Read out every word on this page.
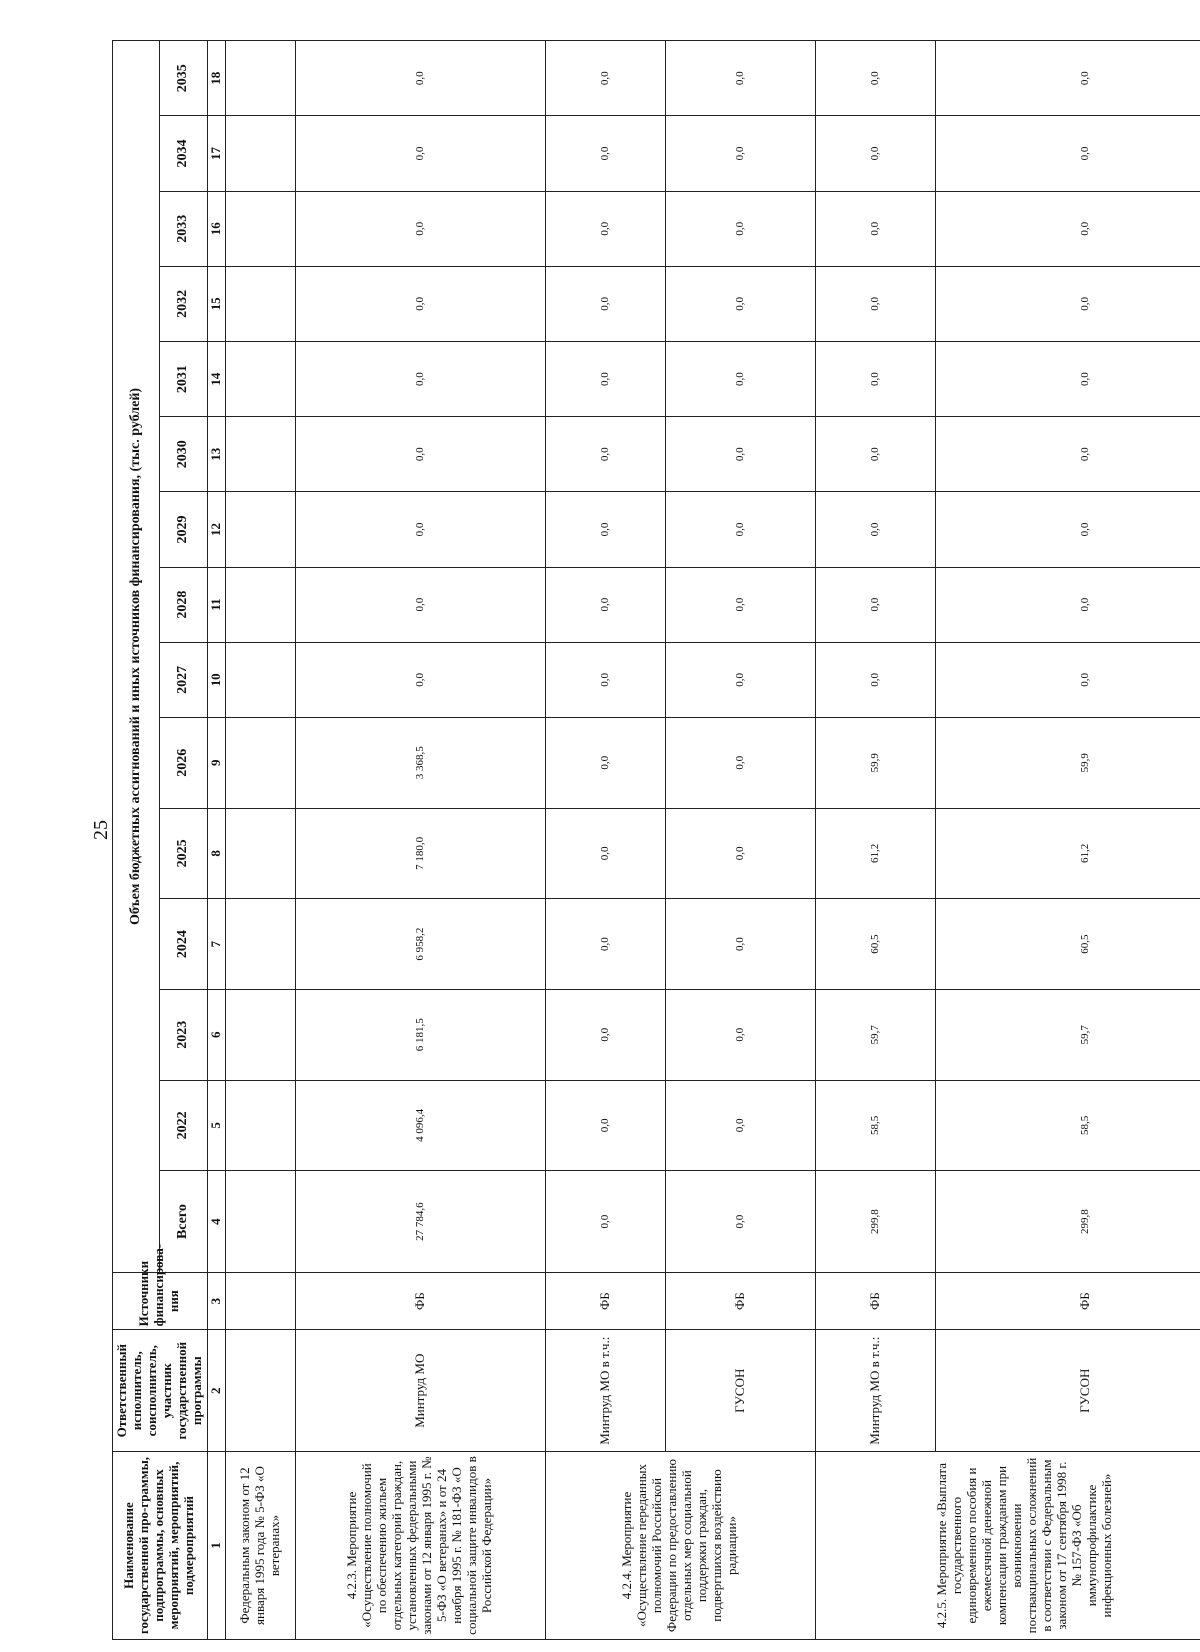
25
Наименование государственной про-граммы, подпрограммы, основных мероприятий, мероприятий, подмероприятий	Ответственный исполнитель, соисполнитель, участник государственной программы	Источники финансирова-ния	Объем бюджетных ассигнований и иных источников финансирования, (тыс. рублей)														
			Всего	2022	2023	2024	2025	2026	2027	2028	2029	2030	2031	2032	2033	2034	2035
1	2	3	4	5	6	7	8	9	10	11	12	13	14	15	16	17	18
Федеральным законом от 12 января 1995 года № 5-ФЗ «О ветеранах»																	
4.2.3. Мероприятие «Осуществление полномочий по обеспечению жильем отдельных категорий граждан, установленных федеральными законами от 12 января 1995 г. № 5-ФЗ «О ветеранах» и от 24 ноября 1995 г. № 181-ФЗ «О социальной защите инвалидов в Российской Федерации»	Минтруд МО	ФБ	27 784,6	4 096,4	6 181,5	6 958,2	7 180,0	3 368,5	0,0	0,0	0,0	0,0	0,0	0,0	0,0	0,0	0,0
4.2.4. Мероприятие «Осуществление переданных полномочий Российской Федерации по предоставлению отдельных мер социальной поддержки граждан, подвергшихся воздействию радиации»	Минтруд МО в т.ч.:	ФБ	0,0	0,0	0,0	0,0	0,0	0,0	0,0	0,0	0,0	0,0	0,0	0,0	0,0	0,0	0,0
	ГУСОН	ФБ	0,0	0,0	0,0	0,0	0,0	0,0	0,0	0,0	0,0	0,0	0,0	0,0	0,0	0,0	0,0
4.2.5. Мероприятие «Выплата государственного единовременного пособия и ежемесячной денежной компенсации гражданам при возникновении поствакцинальных осложнений в соответствии с Федеральным законом от 17 сентября 1998 г. № 157-ФЗ «Об иммунопрофилактике инфекционных болезней»	Минтруд МО в т.ч.:	ФБ	299,8	58,5	59,7	60,5	61,2	59,9	0,0	0,0	0,0	0,0	0,0	0,0	0,0	0,0	0,0
	ГУСОН	ФБ	299,8	58,5	59,7	60,5	61,2	59,9	0,0	0,0	0,0	0,0	0,0	0,0	0,0	0,0	0,0
